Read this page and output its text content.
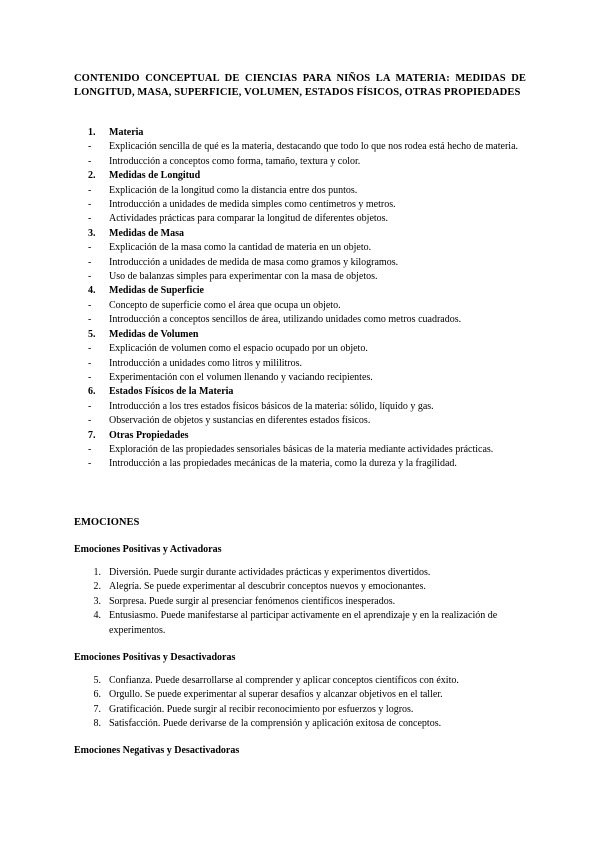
CONTENIDO CONCEPTUAL DE CIENCIAS PARA NIÑOS LA MATERIA: MEDIDAS DE LONGITUD, MASA, SUPERFICIE, VOLUMEN, ESTADOS FÍSICOS, OTRAS PROPIEDADES
1.	Materia
-	Explicación sencilla de qué es la materia, destacando que todo lo que nos rodea está hecho de materia.
-	Introducción a conceptos como forma, tamaño, textura y color.
2.	Medidas de Longitud
-	Explicación de la longitud como la distancia entre dos puntos.
-	Introducción a unidades de medida simples como centímetros y metros.
-	Actividades prácticas para comparar la longitud de diferentes objetos.
3.	Medidas de Masa
-	Explicación de la masa como la cantidad de materia en un objeto.
-	Introducción a unidades de medida de masa como gramos y kilogramos.
-	Uso de balanzas simples para experimentar con la masa de objetos.
4.	Medidas de Superficie
-	Concepto de superficie como el área que ocupa un objeto.
-	Introducción a conceptos sencillos de área, utilizando unidades como metros cuadrados.
5.	Medidas de Volumen
-	Explicación de volumen como el espacio ocupado por un objeto.
-	Introducción a unidades como litros y mililitros.
-	Experimentación con el volumen llenando y vaciando recipientes.
6.	Estados Físicos de la Materia
-	Introducción a los tres estados físicos básicos de la materia: sólido, líquido y gas.
-	Observación de objetos y sustancias en diferentes estados físicos.
7.	Otras Propiedades
-	Exploración de las propiedades sensoriales básicas de la materia mediante actividades prácticas.
-	Introducción a las propiedades mecánicas de la materia, como la dureza y la fragilidad.
EMOCIONES
Emociones Positivas y Activadoras
1. Diversión. Puede surgir durante actividades prácticas y experimentos divertidos.
2. Alegría. Se puede experimentar al descubrir conceptos nuevos y emocionantes.
3. Sorpresa. Puede surgir al presenciar fenómenos científicos inesperados.
4. Entusiasmo. Puede manifestarse al participar activamente en el aprendizaje y en la realización de experimentos.
Emociones Positivas y Desactivadoras
5. Confianza. Puede desarrollarse al comprender y aplicar conceptos científicos con éxito.
6. Orgullo. Se puede experimentar al superar desafíos y alcanzar objetivos en el taller.
7. Gratificación. Puede surgir al recibir reconocimiento por esfuerzos y logros.
8. Satisfacción. Puede derivarse de la comprensión y aplicación exitosa de conceptos.
Emociones Negativas y Desactivadoras
